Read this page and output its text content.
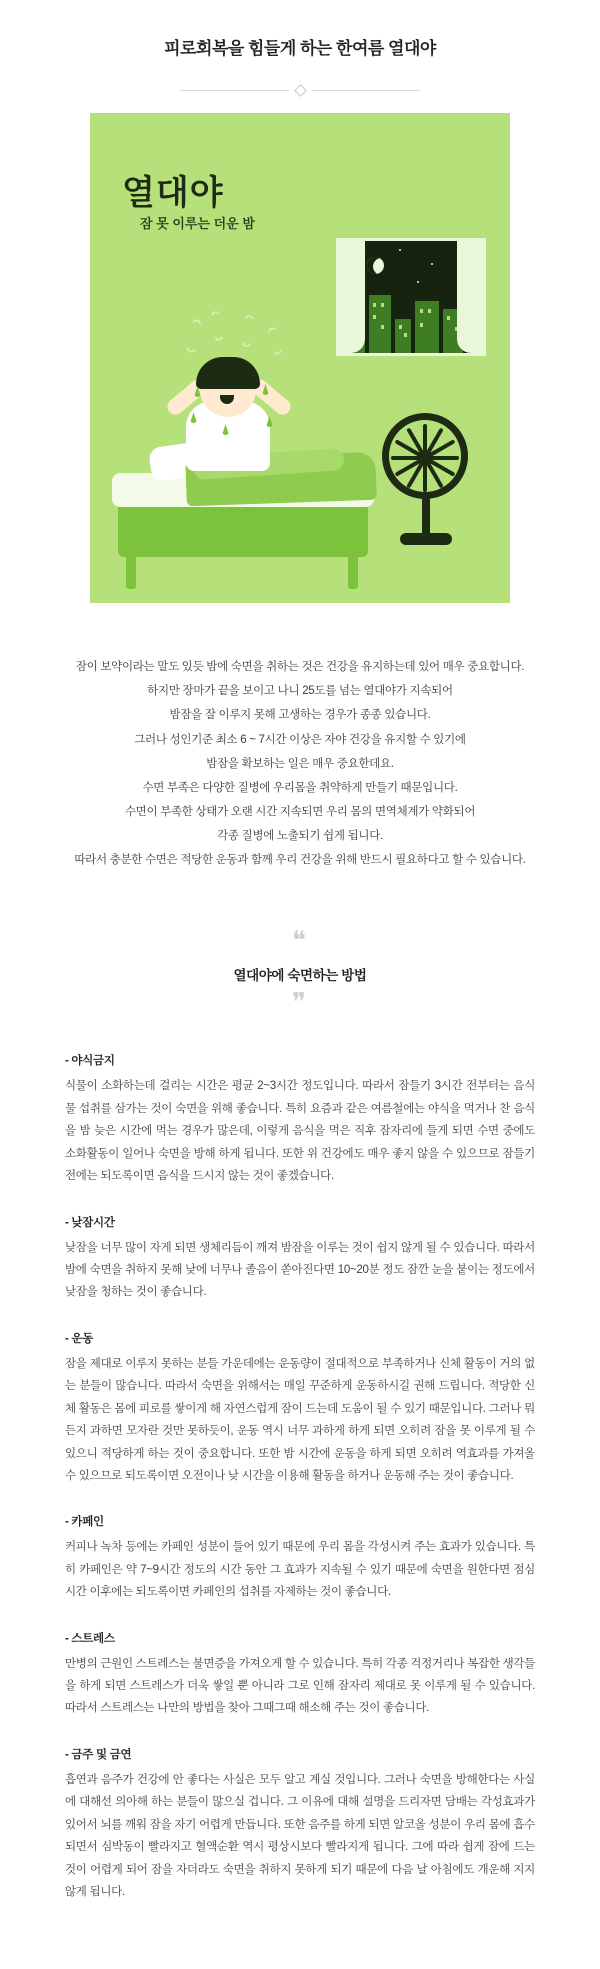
피로회복을 힘들게 하는 한여름 열대야
열대야
잠 못 이루는 더운 밤

잠이 보약이라는 말도 있듯 밤에 숙면을 취하는 것은 건강을 유지하는데 있어 매우 중요합니다.

하지만 장마가 끝을 보이고 나니 25도를 넘는 열대야가 지속되어

밤잠을 잘 이루지 못해 고생하는 경우가 종종 있습니다.

그러나 성인기준 최소 6 ~ 7시간 이상은 자야 건강을 유지할 수 있기에

밤잠을 확보하는 일은 매우 중요한데요.

수면 부족은 다양한 질병에 우리몸을 취약하게 만들기 때문입니다.

수면이 부족한 상태가 오랜 시간 지속되면 우리 몸의 면역체계가 약화되어

각종 질병에 노출되기 쉽게 됩니다.

따라서 충분한 수면은 적당한 운동과 함께 우리 건강을 위해 반드시 필요하다고 할 수 있습니다.

❝
열대야에 숙면하는 방법
❞
- 야식금지

식물이 소화하는데 걸리는 시간은 평균 2~3시간 정도입니다. 따라서 잠들기 3시간 전부터는 음식물 섭취를 삼가는 것이 숙면을 위해 좋습니다. 특히 요즘과 같은 여름철에는 야식을 먹거나 찬 음식을 밤 늦은 시간에 먹는 경우가 많은데, 이렇게 음식을 먹은 직후 잠자리에 들게 되면 수면 중에도 소화활동이 일어나 숙면을 방해 하게 됩니다. 또한 위 건강에도 매우 좋지 않을 수 있으므로 잠들기 전에는 되도록이면 음식을 드시지 않는 것이 좋겠습니다.

- 낮잠시간

낮잠을 너무 많이 자게 되면 생체리듬이 깨져 밤잠을 이루는 것이 쉽지 않게 될 수 있습니다. 따라서 밤에 숙면을 취하지 못해 낮에 너무나 졸음이 쏟아진다면 10~20분 정도 잠깐 눈을 붙이는 정도에서 낮잠을 청하는 것이 좋습니다.

- 운동

잠을 제대로 이루지 못하는 분들 가운데에는 운동량이 절대적으로 부족하거나 신체 활동이 거의 없는 분들이 많습니다. 따라서 숙면을 위해서는 매일 꾸준하게 운동하시길 권해 드립니다. 적당한 신체 활동은 몸에 피로를 쌓이게 해 자연스럽게 잠이 드는데 도움이 될 수 있기 때문입니다. 그러나 뭐든지 과하면 모자란 것만 못하듯이, 운동 역시 너무 과하게 하게 되면 오히려 잠을 못 이루게 될 수 있으니 적당하게 하는 것이 중요합니다. 또한 밤 시간에 운동을 하게 되면 오히려 역효과를 가져올 수 있으므로 되도록이면 오전이나 낮 시간을 이용해 활동을 하거나 운동해 주는 것이 좋습니다.

- 카페인

커피나 녹차 등에는 카페인 성분이 들어 있기 때문에 우리 몸을 각성시켜 주는 효과가 있습니다. 특히 카페인은 약 7~9시간 정도의 시간 동안 그 효과가 지속될 수 있기 때문에 숙면을 원한다면 점심시간 이후에는 되도록이면 카페인의 섭취를 자제하는 것이 좋습니다.

- 스트레스

만병의 근원인 스트레스는 불면증을 가져오게 할 수 있습니다. 특히 각종 걱정거리나 복잡한 생각들을 하게 되면 스트레스가 더욱 쌓일 뿐 아니라 그로 인해 잠자리 제대로 못 이루게 될 수 있습니다. 따라서 스트레스는 나만의 방법을 찾아 그때그때 해소해 주는 것이 좋습니다.

- 금주 및 금연

흡연과 음주가 건강에 안 좋다는 사실은 모두 알고 계실 것입니다. 그러나 숙면을 방해한다는 사실에 대해선 의아해 하는 분들이 많으실 겁니다. 그 이유에 대해 설명을 드리자면 담배는 각성효과가 있어서 뇌를 깨워 잠을 자기 어렵게 만듭니다. 또한 음주를 하게 되면 알코올 성분이 우리 몸에 흡수되면서 심박동이 빨라지고 혈액순환 역시 평상시보다 빨라지게 됩니다. 그에 따라 쉽게 잠에 드는 것이 어렵게 되어 잠을 자더라도 숙면을 취하지 못하게 되기 때문에 다음 날 아침에도 개운해 지지 않게 됩니다.
